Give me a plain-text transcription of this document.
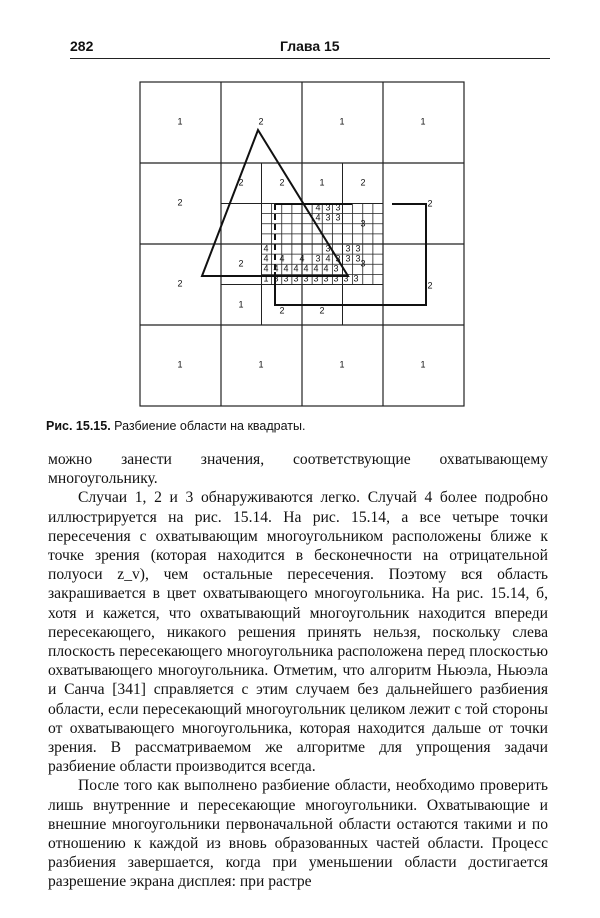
282	Глава 15
1	2	1	1
2
2
1	1	1	1
2	2	1	2
3
2	3
1
2	2
4 3 3
4 3 3
4
4 4 4
3
4
3 3
3 3
3
3
4 4 4 4 4 4 4 3
1 3 3 3 3 3 3 3 3 3
2
2
Рис. 15.15. Разбиение области на квадраты.

можно занести значения, соответствующие охватывающему многоугольнику.

Случаи 1, 2 и 3 обнаруживаются легко. Случай 4 более подробно иллюстрируется на рис. 15.14. На рис. 15.14, а все четыре точки пересечения с охватывающим многоугольником расположены ближе к точке зрения (которая находится в бесконечности на отрицательной полуоси z_v), чем остальные пересечения. Поэтому вся область закрашивается в цвет охватывающего многоугольника. На рис. 15.14, б, хотя и кажется, что охватывающий многоугольник находится впереди пересекающего, никакого решения принять нельзя, поскольку слева плоскость пересекающего многоугольника расположена перед плоскостью охватывающего многоугольника. Отметим, что алгоритм Ньюэла, Ньюэла и Санча [341] справляется с этим случаем без дальнейшего разбиения области, если пересекающий многоугольник целиком лежит с той стороны от охватывающего многоугольника, которая находится дальше от точки зрения. В рассматриваемом же алгоритме для упрощения задачи разбиение области производится всегда.

После того как выполнено разбиение области, необходимо проверить лишь внутренние и пересекающие многоугольники. Охватывающие и внешние многоугольники первоначальной области остаются такими и по отношению к каждой из вновь образованных частей области. Процесс разбиения завершается, когда при уменьшении области достигается разрешение экрана дисплея: при растре
